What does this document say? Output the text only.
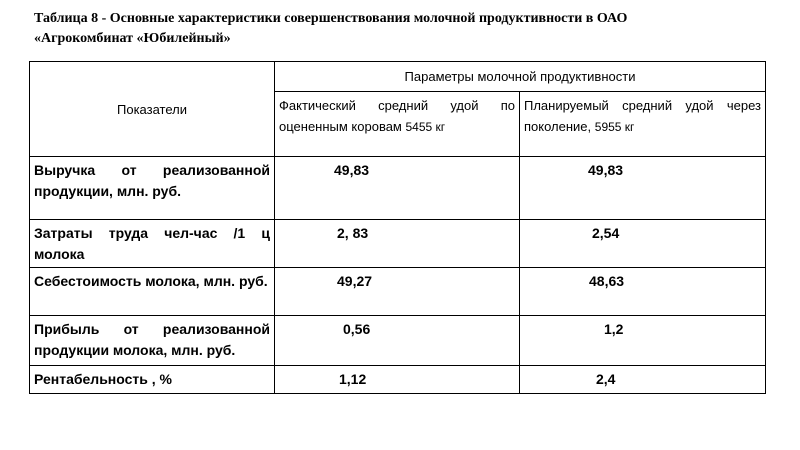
Таблица 8 - Основные характеристики совершенствования молочной продуктивности в ОАО
«Агрокомбинат «Юбилейный»
Показатели	Параметры молочной продуктивности	
	Фактический средний удой по оцененным коровам 5455 кг	Планируемый средний удой через поколение, 5955 кг
Выручка от реализованной продукции, млн. руб.	49,83	49,83

Затраты труда чел-час /1 ц молока	2, 83	2,54

Себестоимость молока, млн. руб.	49,27	48,63

Прибыль от реализованной продукции молока, млн. руб.	0,56	1,2

Рентабельность , %	1,12	2,4
